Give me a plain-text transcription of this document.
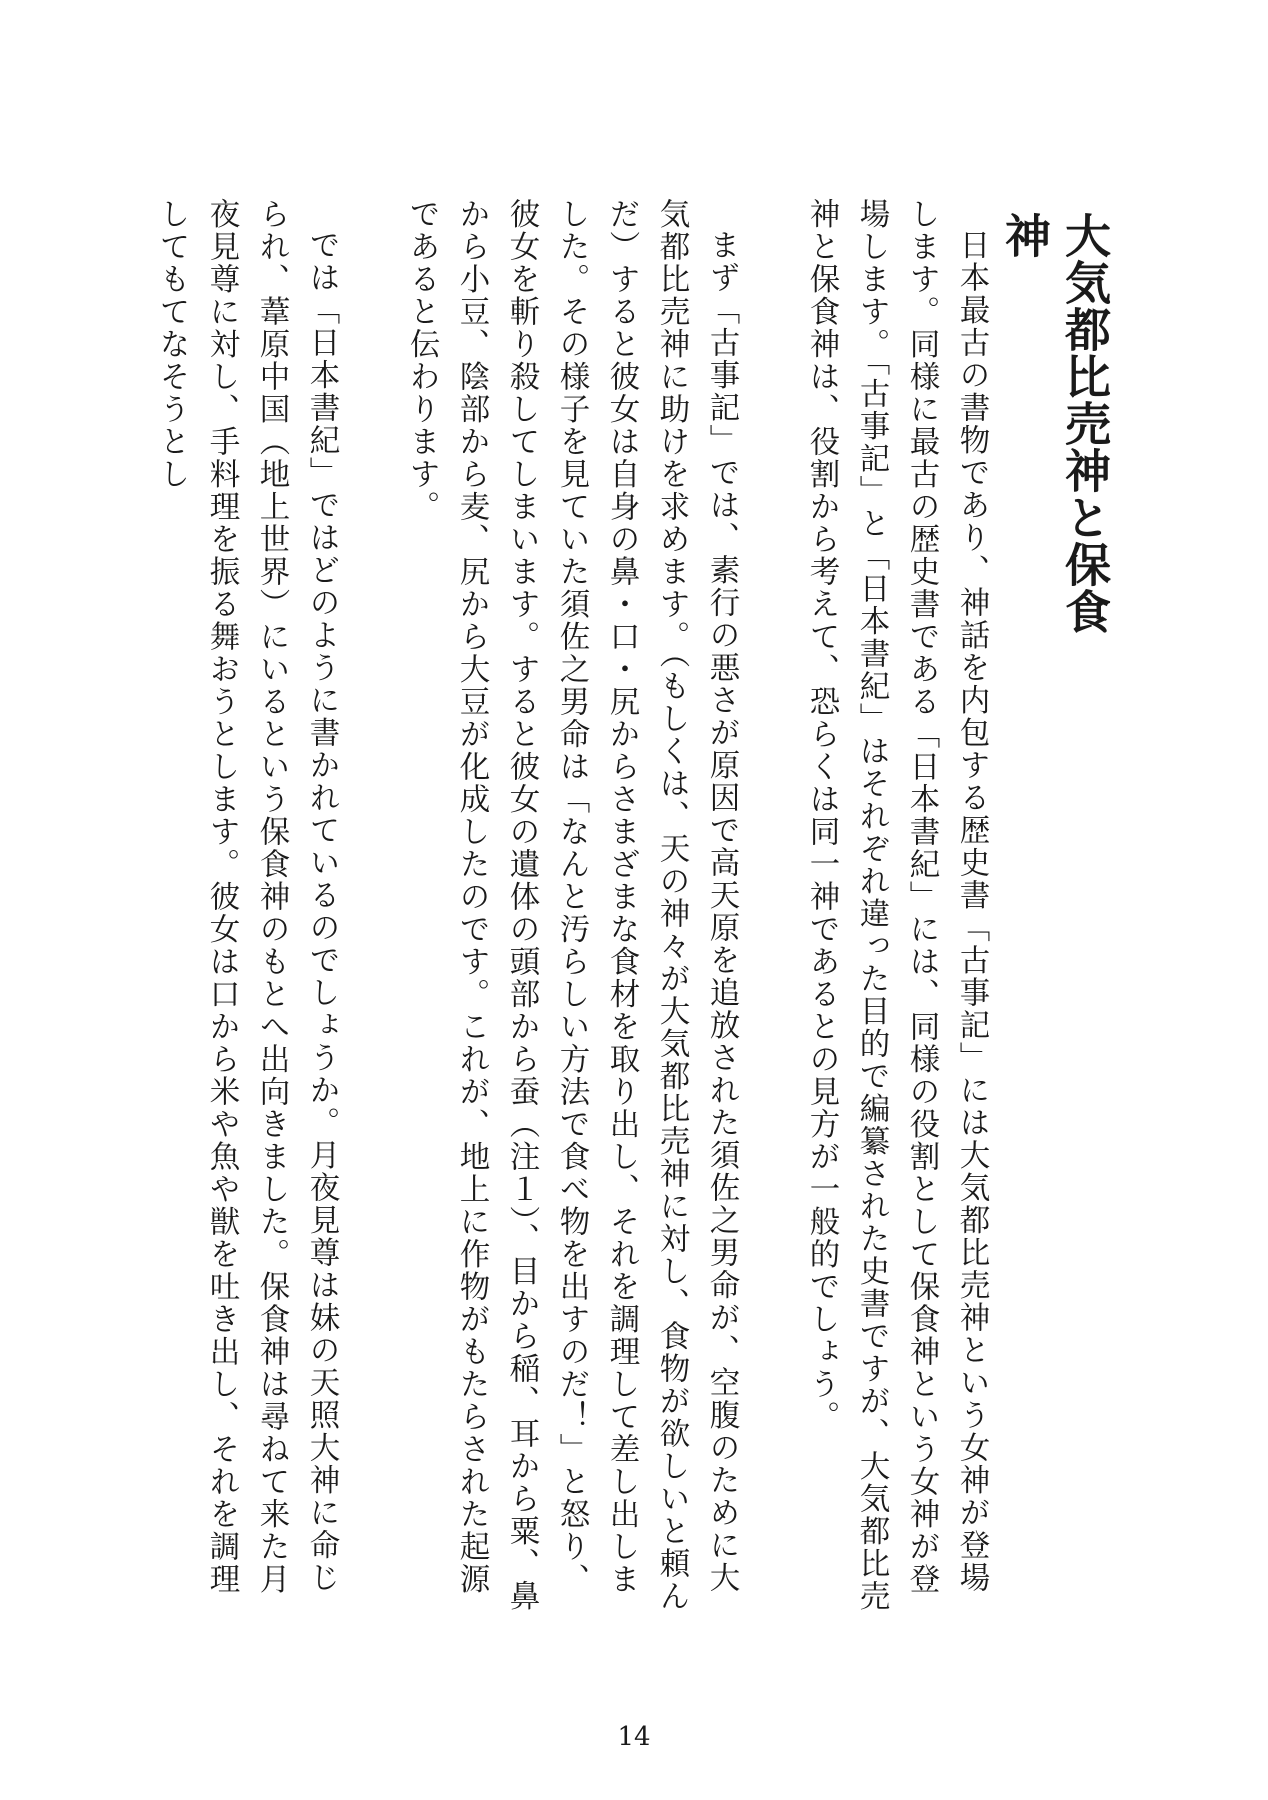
大気都比売神と保食神

日本最古の書物であり、神話を内包する歴史書「古事記」には大気都比売神という女神が登場します。同様に最古の歴史書である「日本書紀」には、同様の役割として保食神という女神が登場します。「古事記」と「日本書紀」はそれぞれ違った目的で編纂された史書ですが、大気都比売神と保食神は、役割から考えて、恐らくは同一神であるとの見方が一般的でしょう。

まず「古事記」では、素行の悪さが原因で高天原を追放された須佐之男命が、空腹のために大気都比売神に助けを求めます。（もしくは、天の神々が大気都比売神に対し、食物が欲しいと頼んだ）すると彼女は自身の鼻・口・尻からさまざまな食材を取り出し、それを調理して差し出しました。その様子を見ていた須佐之男命は「なんと汚らしい方法で食べ物を出すのだ！」と怒り、彼女を斬り殺してしまいます。すると彼女の遺体の頭部から蚕（注１）、目から稲、耳から粟、鼻から小豆、陰部から麦、尻から大豆が化成したのです。これが、地上に作物がもたらされた起源であると伝わります。

では「日本書紀」ではどのように書かれているのでしょうか。月夜見尊は妹の天照大神に命じられ、葦原中国（地上世界）にいるという保食神のもとへ出向きました。保食神は尋ねて来た月夜見尊に対し、手料理を振る舞おうとします。彼女は口から米や魚や獣を吐き出し、それを調理してもてなそうとし

14
